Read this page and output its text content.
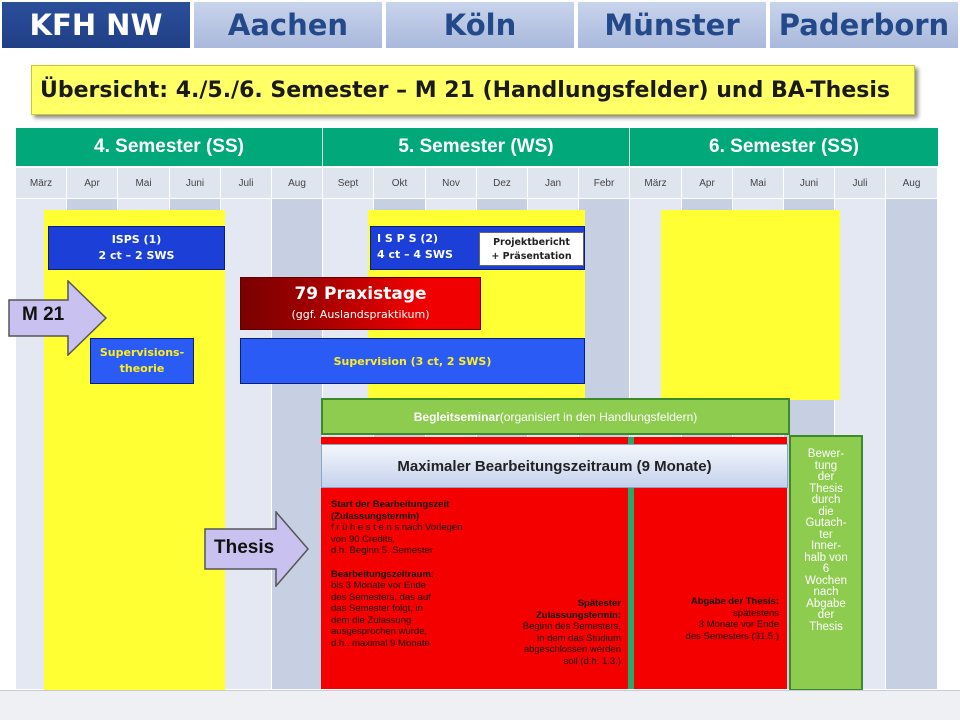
KFH NW	Aachen	Köln	Münster	Paderborn
Übersicht: 4./5./6. Semester – M 21 (Handlungsfelder) und BA-Thesis
4. Semester (SS)	5. Semester (WS)	6. Semester (SS)
März	Apr	Mai	Juni	Juli	Aug	Sept	Okt	Nov	Dez	Jan	Febr	März	Apr	Mai	Juni	Juli	Aug
ISPS (1)
2 ct – 2 SWS
I S P S (2)
4 ct – 4 SWS
Projektbericht
+ Präsentation
79 Praxistage
(ggf. Auslandspraktikum)
M 21
Supervisions-
theorie
Supervision (3 ct, 2 SWS)
Begleitseminar (organisiert in den Handlungsfeldern)
Maximaler Bearbeitungszeitraum (9 Monate)
Start der Bearbeitungszeit
(Zulassungstermin)
f r ü h e s t e n s nach Vorlegen
von 90 Credits,
d.h. Beginn 5. Semester
Bearbeitungszeitraum:
bis 3 Monate vor Ende
des Semesters, das auf
das Semester folgt, in
dem die Zulassung
ausgesprochen wurde,
d.h., maximal 9 Monate
Spätester
Zulassungstermin:
Beginn des Semesters,
in dem das Studium
abgeschlossen werden
soll (d.h. 1.3.)
Abgabe der Thesis:
spätestens
3 Monate vor Ende
des Semesters (31.5.)
Bewer-
tung
der
Thesis
durch
die
Gutach-
ter
Inner-
halb von
6
Wochen
nach
Abgabe
der
Thesis
Thesis
